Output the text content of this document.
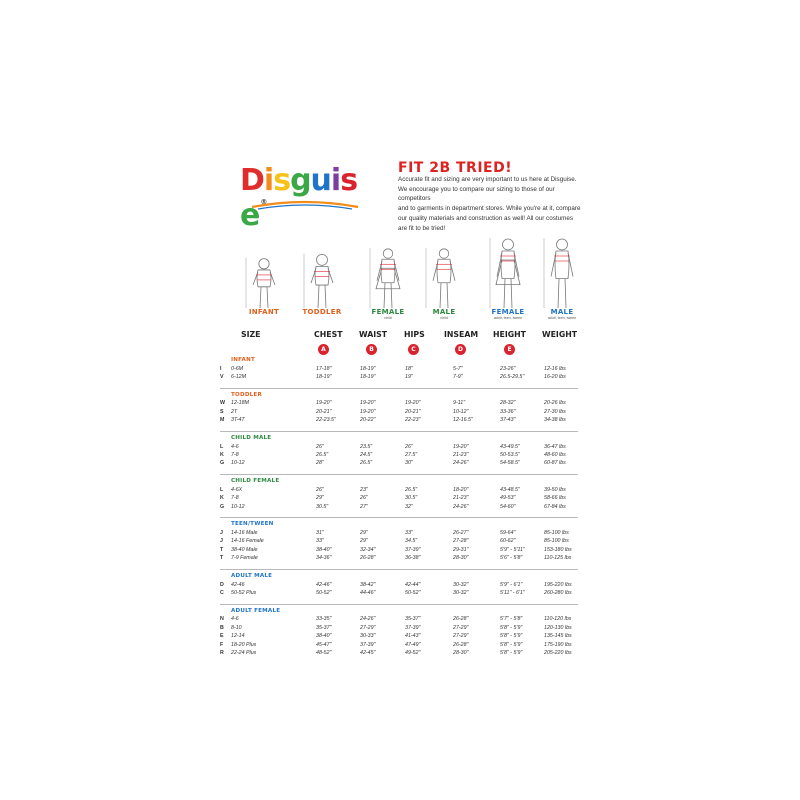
Disguise®
FIT 2B TRIED!
Accurate fit and sizing are very important to us here at Disguise.
We encourage you to compare our sizing to those of our competitors
and to garments in department stores. While you're at it, compare
our quality materials and construction as well! All our costumes
are fit to be tried!
INFANT	TODDLER	FEMALE
child
MALE
child
FEMALE
adult, teen, tween
MALE
adult, teen, tween
SIZE	CHEST WAIST HIPS INSEAM HEIGHT WEIGHT
A	B	C	D	E
INFANT
I 0-6M	17-18"	18-19"	18"	5-7"	23-26"	12-16 lbs
V 6-12M	18-19"	18-19"	19"	7-9"	26.5-29.5"	16-20 lbs
TODDLER
W 12-18M	19-20"	19-20"	19-20"	9-11"	28-32"	20-26 lbs
S 2T	20-21"	19-20"	20-21"	10-12"	33-36"	27-30 lbs
M 3T-4T	22-23.5"	20-22"	22-23"	12-16.5"	37-43"	34-38 lbs
CHILD MALE
L 4-6	26"	23.5"	26"	19-20"	43-49.5"	36-47 lbs
K 7-8	26.5"	24.5"	27.5"	21-23"	50-53.5"	48-60 lbs
G 10-12	28"	26.5"	30"	24-26"	54-58.5"	60-87 lbs
CHILD FEMALE
L 4-6X	26"	23"	26.5"	18-20"	43-48.5"	39-50 lbs
K 7-8	29"	26"	30.5"	21-23"	49-53"	58-66 lbs
G 10-12	30.5"	27"	32"	24-26"	54-60"	67-84 lbs
TEEN/TWEEN
J 14-16 Male	31"	29"	33"	26-27"	59-64"	85-100 lbs
J 14-16 Female	33"	29"	34.5"	27-28"	60-62"	85-100 lbs
T 38-40 Male	38-40"	32-34"	37-39"	29-31"	5'9" - 5'11"	153-180 lbs
T 7-9 Female	34-36"	26-28"	36-38"	28-30"	5'6" - 5'8"	110-125 lbs
ADULT MALE
D 42-46	42-46"	38-42"	42-44"	30-32"	5'9" - 6'1"	195-220 lbs
C 50-52 Plus	50-52"	44-46"	50-52"	30-32"	5'11" - 6'1"	260-280 lbs
ADULT FEMALE
N 4-6	33-35"	24-26"	35-37"	26-28"	5'7" - 5'8"	110-120 lbs
B 8-10	35-37"	27-29"	37-39"	27-29"	5'8" - 5'9"	120-130 lbs
E 12-14	38-40"	30-33"	41-43"	27-29"	5'8" - 5'9"	135-145 lbs
F 18-20 Plus	45-47"	37-39"	47-49"	26-28"	5'8" - 5'9"	175-190 lbs
R 22-24 Plus	48-52"	42-45"	49-52"	28-30"	5'8" - 5'9"	205-220 lbs
